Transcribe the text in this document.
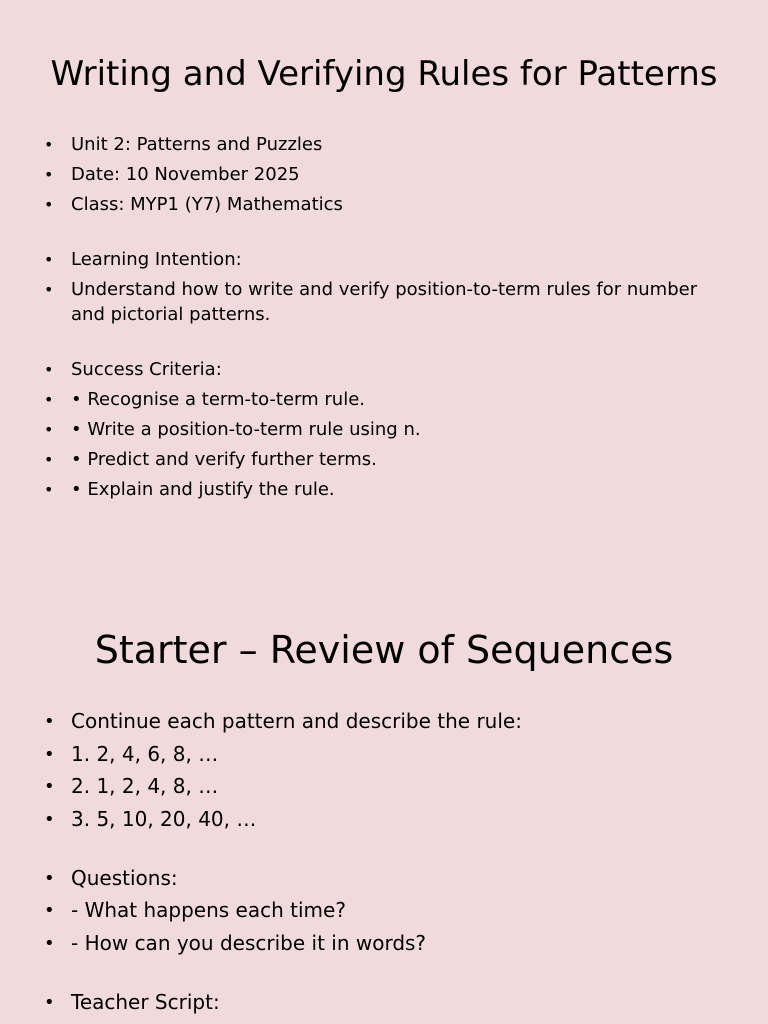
Writing and Verifying Rules for Patterns
• Unit 2: Patterns and Puzzles
• Date: 10 November 2025
• Class: MYP1 (Y7) Mathematics
• Learning Intention:
• Understand how to write and verify position-to-term rules for number and pictorial patterns.
• Success Criteria:
• • Recognise a term-to-term rule.
• • Write a position-to-term rule using n.
• • Predict and verify further terms.
• • Explain and justify the rule.
Starter – Review of Sequences
• Continue each pattern and describe the rule:
• 1. 2, 4, 6, 8, …
• 2. 1, 2, 4, 8, …
• 3. 5, 10, 20, 40, …
• Questions:
• - What happens each time?
• - How can you describe it in words?
• Teacher Script:
